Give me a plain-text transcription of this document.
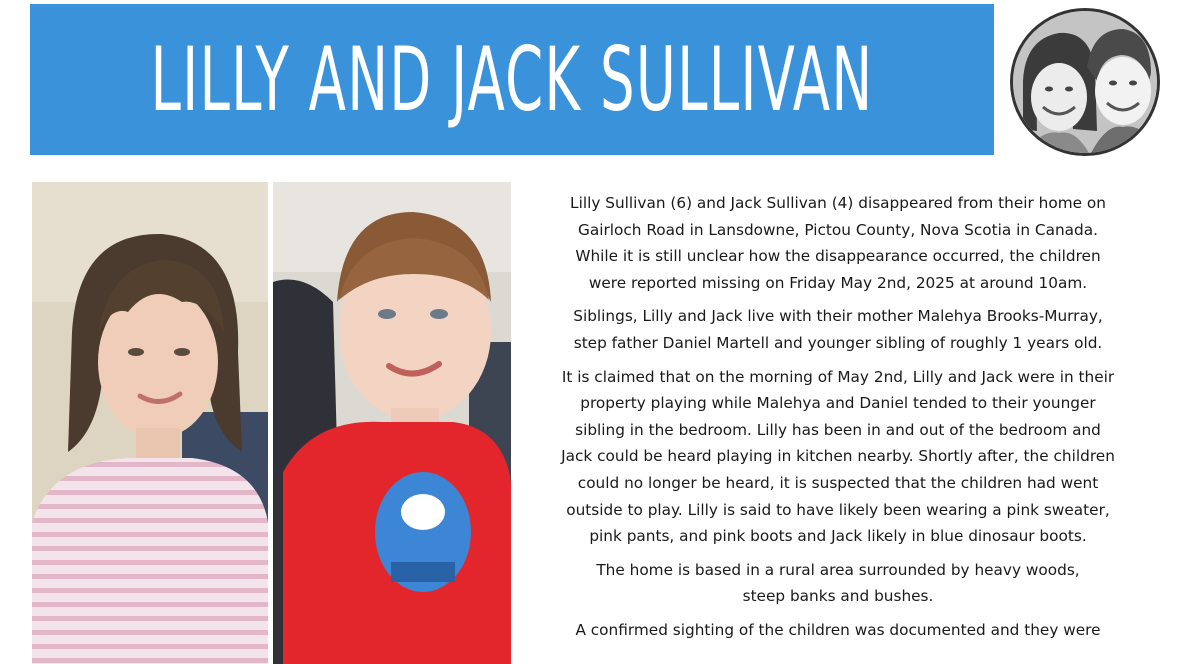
LILLY AND JACK SULLIVAN

Lilly Sullivan (6) and Jack Sullivan (4) disappeared from their home on
Gairloch Road in Lansdowne, Pictou County, Nova Scotia in Canada.
While it is still unclear how the disappearance occurred, the children
were reported missing on Friday May 2nd, 2025 at around 10am.

Siblings, Lilly and Jack live with their mother Malehya Brooks-Murray,
step father Daniel Martell and younger sibling of roughly 1 years old.

It is claimed that on the morning of May 2nd, Lilly and Jack were in their
property playing while Malehya and Daniel tended to their younger
sibling in the bedroom. Lilly has been in and out of the bedroom and
Jack could be heard playing in kitchen nearby. Shortly after, the children
could no longer be heard, it is suspected that the children had went
outside to play. Lilly is said to have likely been wearing a pink sweater,
pink pants, and pink boots and Jack likely in blue dinosaur boots.

The home is based in a rural area surrounded by heavy woods,
steep banks and bushes.

A confirmed sighting of the children was documented and they were
